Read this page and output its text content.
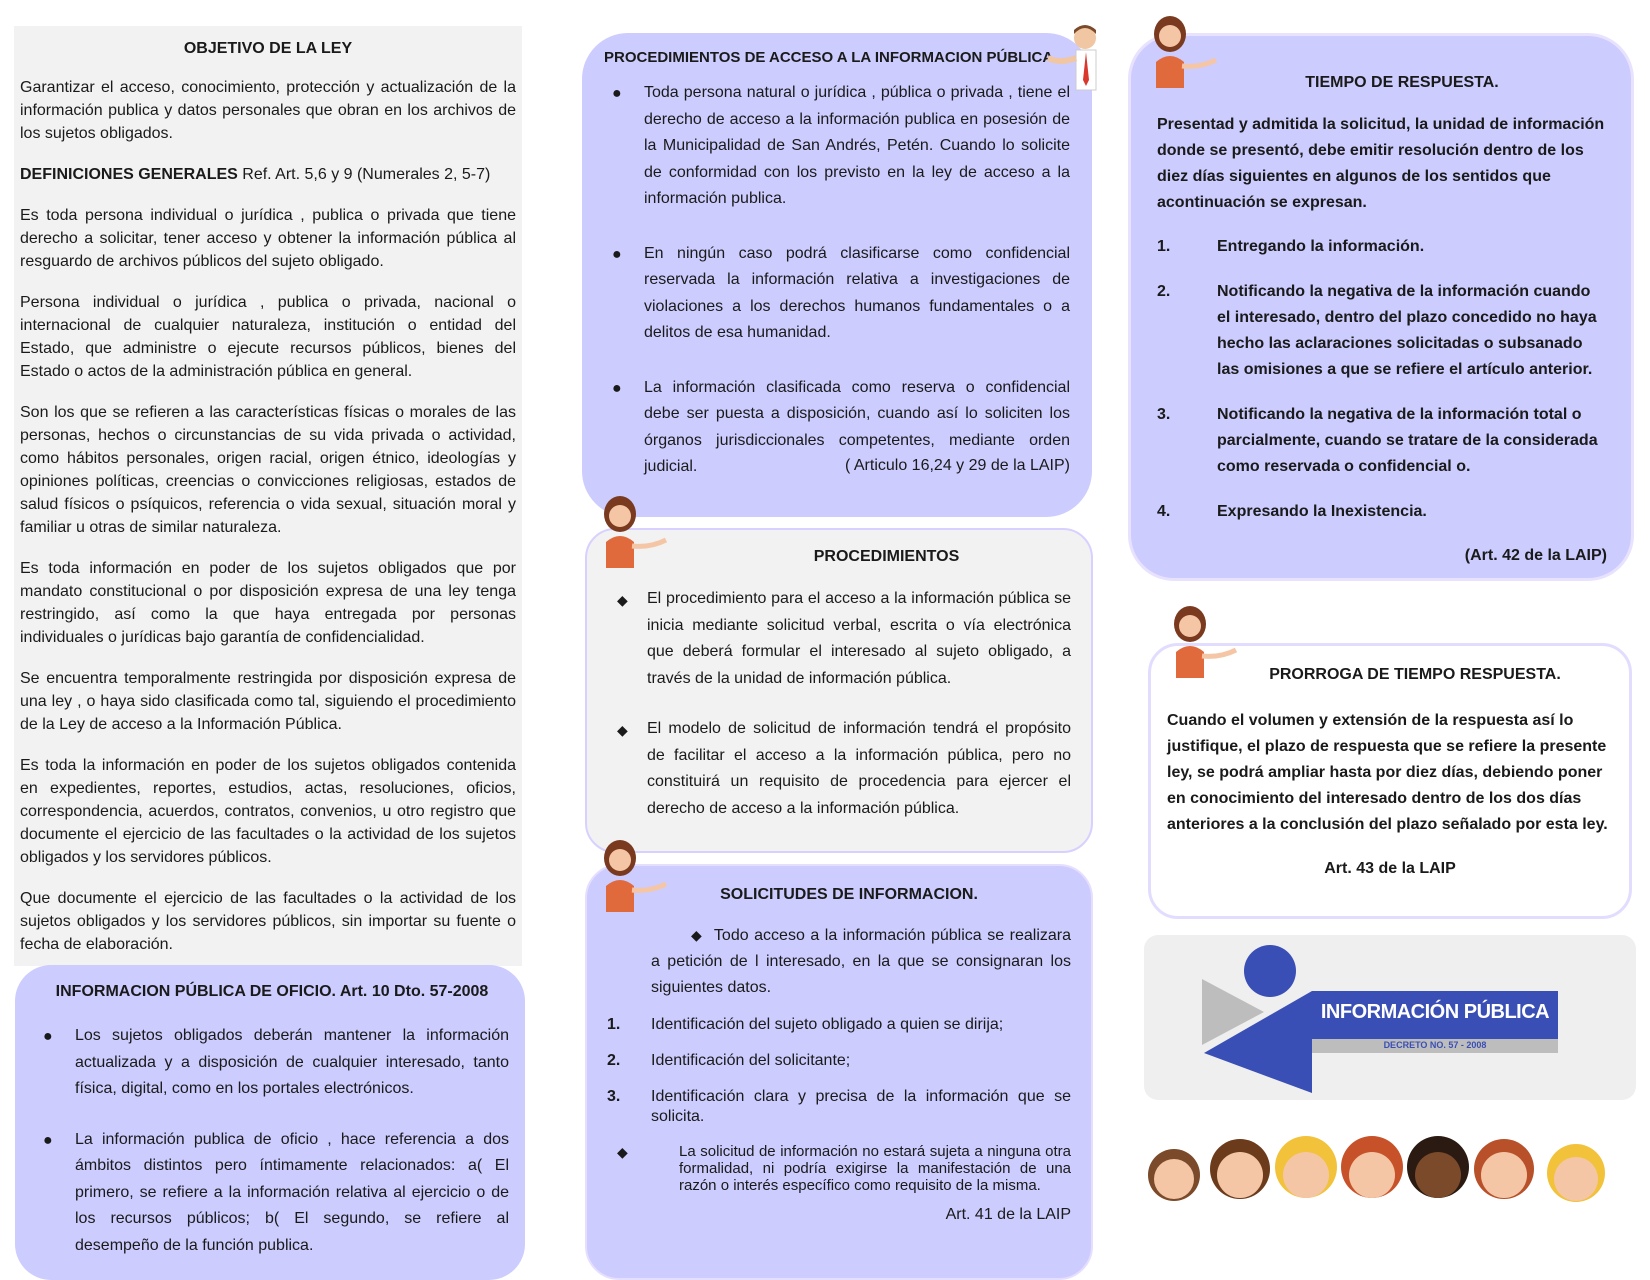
OBJETIVO DE LA LEY

Garantizar el acceso, conocimiento, protección y actualización de la información publica y datos personales que obran en los archivos de los sujetos obligados.

DEFINICIONES GENERALES Ref. Art. 5,6 y 9 (Numerales 2, 5-7)

Es toda persona individual o jurídica , publica o privada que tiene derecho a solicitar, tener acceso y obtener la información pública al resguardo de archivos públicos del sujeto obligado.

Persona individual o jurídica , publica o privada, nacional o internacional de cualquier naturaleza, institución o entidad del Estado, que administre o ejecute recursos públicos, bienes del Estado o actos de la administración pública en general.

Son los que se refieren a las características físicas o morales de las personas, hechos o circunstancias de su vida privada o actividad, como hábitos personales, origen racial, origen étnico, ideologías y opiniones políticas, creencias o convicciones religiosas, estados de salud físicos o psíquicos, referencia o vida sexual, situación moral y familiar u otras de similar naturaleza.

Es toda información en poder de los sujetos obligados que por mandato constitucional o por disposición expresa de una ley tenga restringido, así como la que haya entregada por personas individuales o jurídicas bajo garantía de confidencialidad.

Se encuentra temporalmente restringida por disposición expresa de una ley , o haya sido clasificada como tal, siguiendo el procedimiento de la Ley de acceso a la Información Pública.

Es toda la información en poder de los sujetos obligados contenida en expedientes, reportes, estudios, actas, resoluciones, oficios, correspondencia, acuerdos, contratos, convenios, u otro registro que documente el ejercicio de las facultades o la actividad de los sujetos obligados y los servidores públicos.

Que documente el ejercicio de las facultades o la actividad de los sujetos obligados y los servidores públicos, sin importar su fuente o fecha de elaboración.

INFORMACION PÚBLICA DE OFICIO. Art. 10 Dto. 57-2008
● Los sujetos obligados deberán mantener la información actualizada y a disposición de cualquier interesado, tanto física, digital, como en los portales electrónicos.
● La información publica de oficio , hace referencia a dos ámbitos distintos pero íntimamente relacionados: a( El primero, se refiere a la información relativa al ejercicio o de los recursos públicos; b( El segundo, se refiere al desempeño de la función publica.
PROCEDIMIENTOS DE ACCESO A LA INFORMACION PÚBLICA.
● Toda persona natural o jurídica , pública o privada , tiene el derecho de acceso a la información publica en posesión de la Municipalidad de San Andrés, Petén. Cuando lo solicite de conformidad con los previsto en la ley de acceso a la información publica.
● En ningún caso podrá clasificarse como confidencial reservada la información relativa a investigaciones de violaciones a los derechos humanos fundamentales o a delitos de esa humanidad.
● La información clasificada como reserva o confidencial debe ser puesta a disposición, cuando así lo soliciten los órganos jurisdiccionales competentes, mediante orden judicial.	( Articulo 16,24 y 29 de la LAIP)
PROCEDIMIENTOS
◆ El procedimiento para el acceso a la información pública se inicia mediante solicitud verbal, escrita o vía electrónica que deberá formular el interesado al sujeto obligado, a través de la unidad de información pública.
◆ El modelo de solicitud de información tendrá el propósito de facilitar el acceso a la información pública, pero no constituirá un requisito de procedencia para ejercer el derecho de acceso a la información pública.
SOLICITUDES DE INFORMACION.
◆ Todo acceso a la información pública se realizara a petición de l interesado, en la que se consignaran los siguientes datos.
1. Identificación del sujeto obligado a quien se dirija;
2. Identificación del solicitante;
3. Identificación clara y precisa de la información que se solicita.
◆	La solicitud de información no estará sujeta a ninguna otra formalidad, ni podría exigirse la manifestación de una razón o interés específico como requisito de la misma.
Art. 41 de la LAIP
TIEMPO DE RESPUESTA.

Presentad y admitida la solicitud, la unidad de información donde se presentó, debe emitir resolución dentro de los diez días siguientes en algunos de los sentidos que acontinuación se expresan.

1.	Entregando la información.
2.	Notificando la negativa de la información cuando el interesado, dentro del plazo concedido no haya hecho las aclaraciones solicitadas o subsanado las omisiones a que se refiere el artículo anterior.
3.	Notificando la negativa de la información total o parcialmente, cuando se tratare de la considerada como reservada o confidencial o.
4.	Expresando la Inexistencia.
(Art. 42 de la LAIP)
PRORROGA DE TIEMPO RESPUESTA.

Cuando el volumen y extensión de la respuesta así lo justifique, el plazo de respuesta que se refiere la presente ley, se podrá ampliar hasta por diez días, debiendo poner en conocimiento del interesado dentro de los dos días anteriores a la conclusión del plazo señalado por esta ley.

Art. 43 de la LAIP

INFORMACIÓN PÚBLICA
DECRETO NO. 57 - 2008
